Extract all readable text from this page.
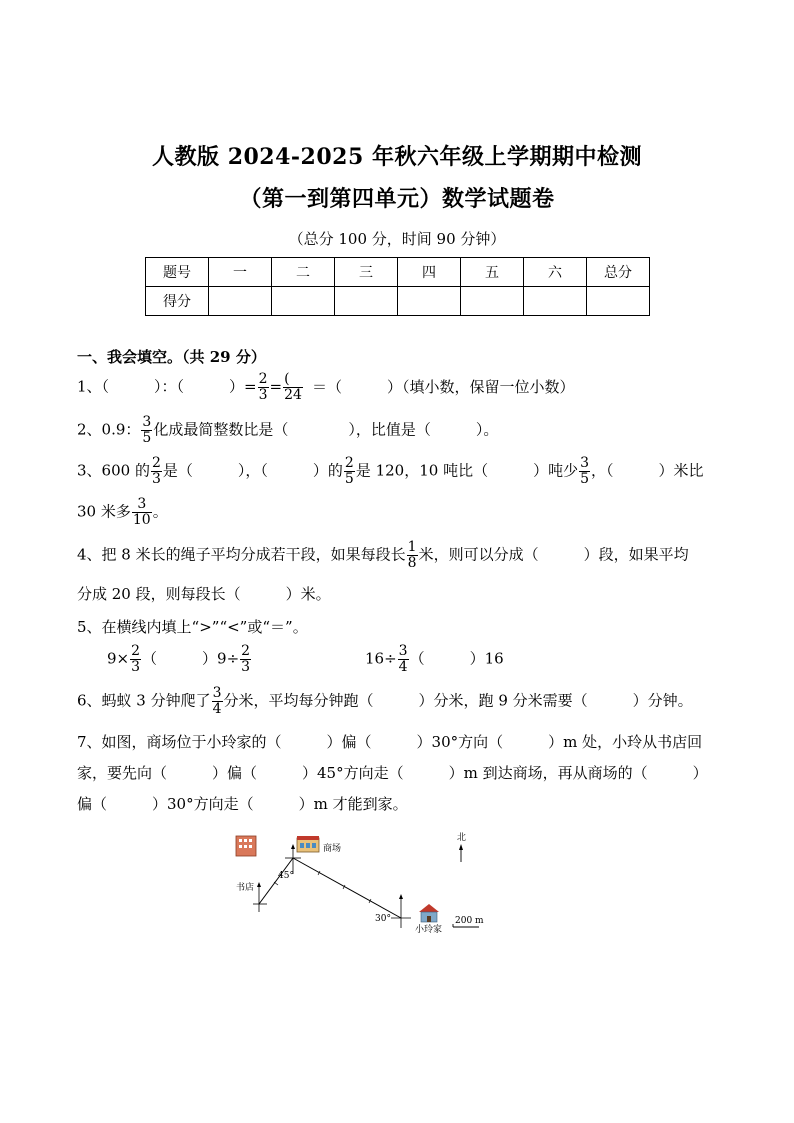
人教版 2024-2025 年秋六年级上学期期中检测
（第一到第四单元）数学试题卷
（总分 100 分，时间 90 分钟）
题号	一	二	三	四	五	六	总分
得分							
一、我会填空。（共 29 分）
1、（　　　）：（　　　）= $\frac{2}{3} = \frac{(}{24}$ ＝（　　　）（填小数，保留一位小数）
2、0.9： $\frac{3}{5}$ 化成最简整数比是（　　　　），比值是（　　　）。
3、600 的 $\frac{2}{3}$ 是（　　　），（　　　）的 $\frac{2}{5}$ 是 120，10 吨比（　　　）吨少 $\frac{3}{5}$ ，（　　　）米比
30 米多 $\frac{3}{10}$ 。
4、把 8 米长的绳子平均分成若干段，如果每段长 $\frac{1}{8}$ 米，则可以分成（　　　）段，如果平均
分成 20 段，则每段长（　　　）米。
5、在横线内填上“>”“<”或“＝”。
$9\times \frac{2}{3}$ （　　　）$9\div \frac{2}{3}$	$16\div \frac{3}{4}$ （　　　）16
6、蚂蚁 3 分钟爬了 $\frac{3}{4}$ 分米，平均每分钟跑（　　　）分米，跑 9 分米需要（　　　）分钟。
7、如图，商场位于小玲家的（　　　）偏（　　　）30°方向（　　　）m 处，小玲从书店回
家，要先向（　　　）偏（　　　）45°方向走（　　　）m 到达商场，再从商场的（　　　）
偏（　　　）30°方向走（　　　）m 才能到家。
书店
商场
45°
30°
小玲家
北
200 m
